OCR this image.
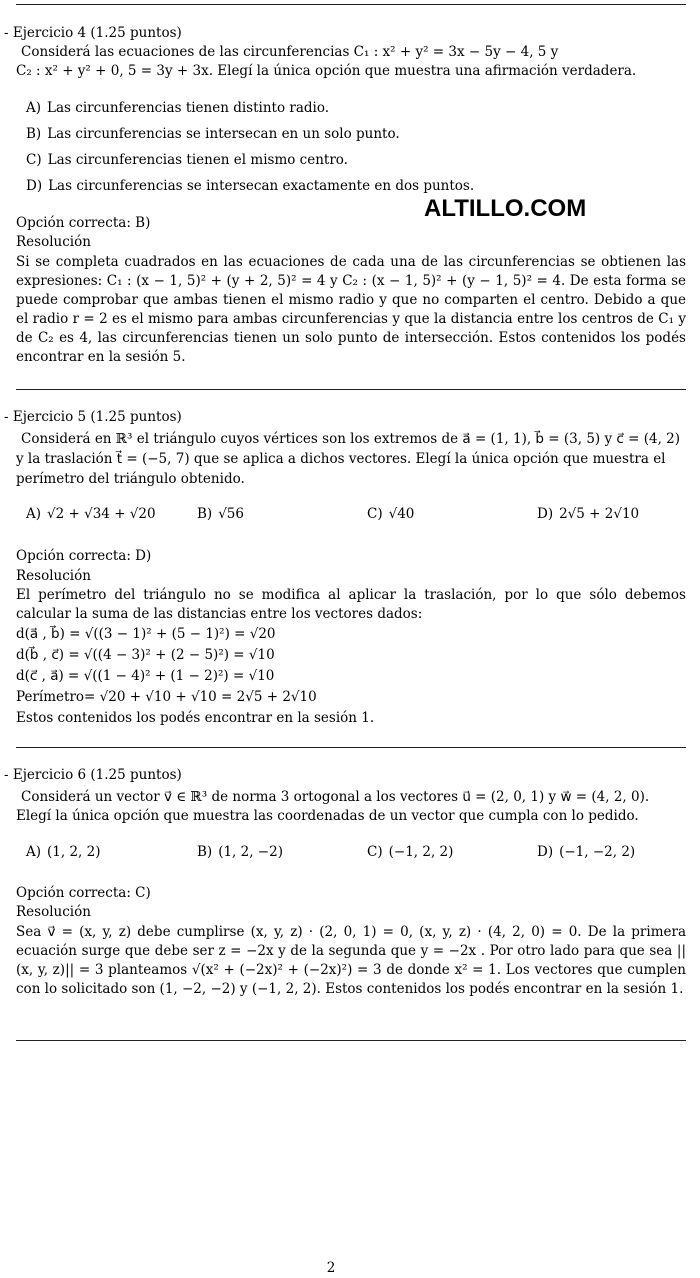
- Ejercicio 4 (1.25 puntos)
Considerá las ecuaciones de las circunferencias C₁ : x² + y² = 3x − 5y − 4, 5 y
C₂ : x² + y² + 0, 5 = 3y + 3x. Elegí la única opción que muestra una afirmación verdadera.
A) Las circunferencias tienen distinto radio.
B) Las circunferencias se intersecan en un solo punto.
C) Las circunferencias tienen el mismo centro.
D) Las circunferencias se intersecan exactamente en dos puntos.
Opción correcta: B)
Resolución
Si se completa cuadrados en las ecuaciones de cada una de las circunferencias se obtienen las expresiones: C₁ : (x − 1, 5)² + (y + 2, 5)² = 4 y C₂ : (x − 1, 5)² + (y − 1, 5)² = 4. De esta forma se puede comprobar que ambas tienen el mismo radio y que no comparten el centro. Debido a que el radio r = 2 es el mismo para ambas circunferencias y que la distancia entre los centros de C₁ y de C₂ es 4, las circunferencias tienen un solo punto de intersección. Estos contenidos los podés encontrar en la sesión 5.
ALTILLO.COM
- Ejercicio 5 (1.25 puntos)
Considerá en ℝ³ el triángulo cuyos vértices son los extremos de a⃗ = (1, 1), b⃗ = (3, 5) y c⃗ = (4, 2)
y la traslación t⃗ = (−5, 7) que se aplica a dichos vectores. Elegí la única opción que muestra el
perímetro del triángulo obtenido.
A) √2 + √34 + √20	B) √56	C) √40	D) 2√5 + 2√10
Opción correcta: D)
Resolución
El perímetro del triángulo no se modifica al aplicar la traslación, por lo que sólo debemos calcular la suma de las distancias entre los vectores dados:
d(a⃗ , b⃗) = √((3 − 1)² + (5 − 1)²) = √20
d(b⃗ , c⃗) = √((4 − 3)² + (2 − 5)²) = √10
d(c⃗ , a⃗) = √((1 − 4)² + (1 − 2)²) = √10
Perímetro= √20 + √10 + √10 = 2√5 + 2√10
Estos contenidos los podés encontrar en la sesión 1.
- Ejercicio 6 (1.25 puntos)
Considerá un vector v⃗ ∈ ℝ³ de norma 3 ortogonal a los vectores u⃗ = (2, 0, 1) y w⃗ = (4, 2, 0).
Elegí la única opción que muestra las coordenadas de un vector que cumpla con lo pedido.
A) (1, 2, 2)	B) (1, 2, −2)	C) (−1, 2, 2)	D) (−1, −2, 2)
Opción correcta: C)
Resolución
Sea v⃗ = (x, y, z) debe cumplirse (x, y, z) · (2, 0, 1) = 0, (x, y, z) · (4, 2, 0) = 0. De la primera ecuación surge que debe ser z = −2x y de la segunda que y = −2x . Por otro lado para que sea ||(x, y, z)|| = 3 planteamos √(x² + (−2x)² + (−2x)²) = 3 de donde x² = 1. Los vectores que cumplen con lo solicitado son (1, −2, −2) y (−1, 2, 2). Estos contenidos los podés encontrar en la sesión 1.
2
